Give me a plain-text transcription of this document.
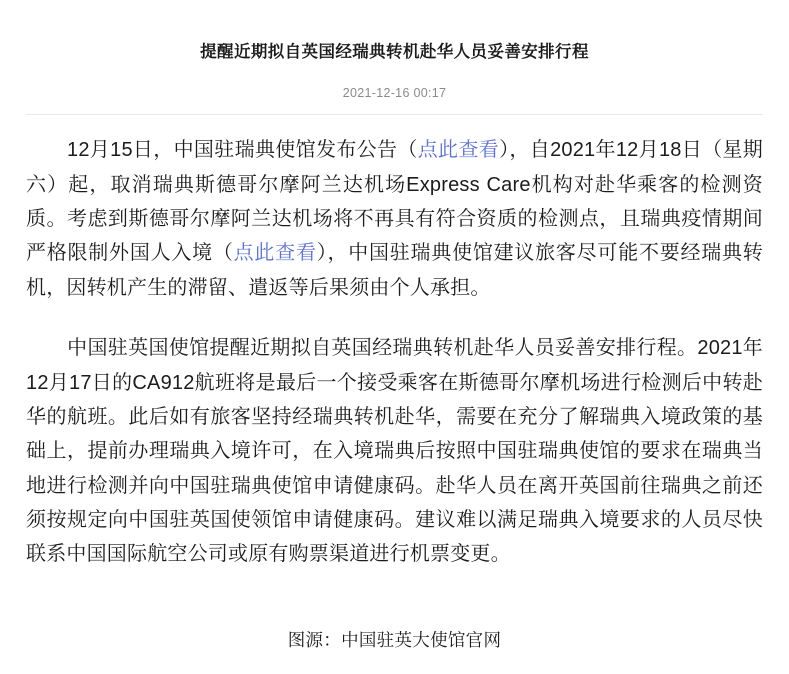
提醒近期拟自英国经瑞典转机赴华人员妥善安排行程
2021-12-16 00:17

12月15日，中国驻瑞典使馆发布公告（点此查看），自2021年12月18日（星期六）起，取消瑞典斯德哥尔摩阿兰达机场Express Care机构对赴华乘客的检测资质。考虑到斯德哥尔摩阿兰达机场将不再具有符合资质的检测点，且瑞典疫情期间严格限制外国人入境（点此查看），中国驻瑞典使馆建议旅客尽可能不要经瑞典转机，因转机产生的滞留、遣返等后果须由个人承担。

中国驻英国使馆提醒近期拟自英国经瑞典转机赴华人员妥善安排行程。2021年12月17日的CA912航班将是最后一个接受乘客在斯德哥尔摩机场进行检测后中转赴华的航班。此后如有旅客坚持经瑞典转机赴华，需要在充分了解瑞典入境政策的基础上，提前办理瑞典入境许可，在入境瑞典后按照中国驻瑞典使馆的要求在瑞典当地进行检测并向中国驻瑞典使馆申请健康码。赴华人员在离开英国前往瑞典之前还须按规定向中国驻英国使领馆申请健康码。建议难以满足瑞典入境要求的人员尽快联系中国国际航空公司或原有购票渠道进行机票变更。

图源：中国驻英大使馆官网
